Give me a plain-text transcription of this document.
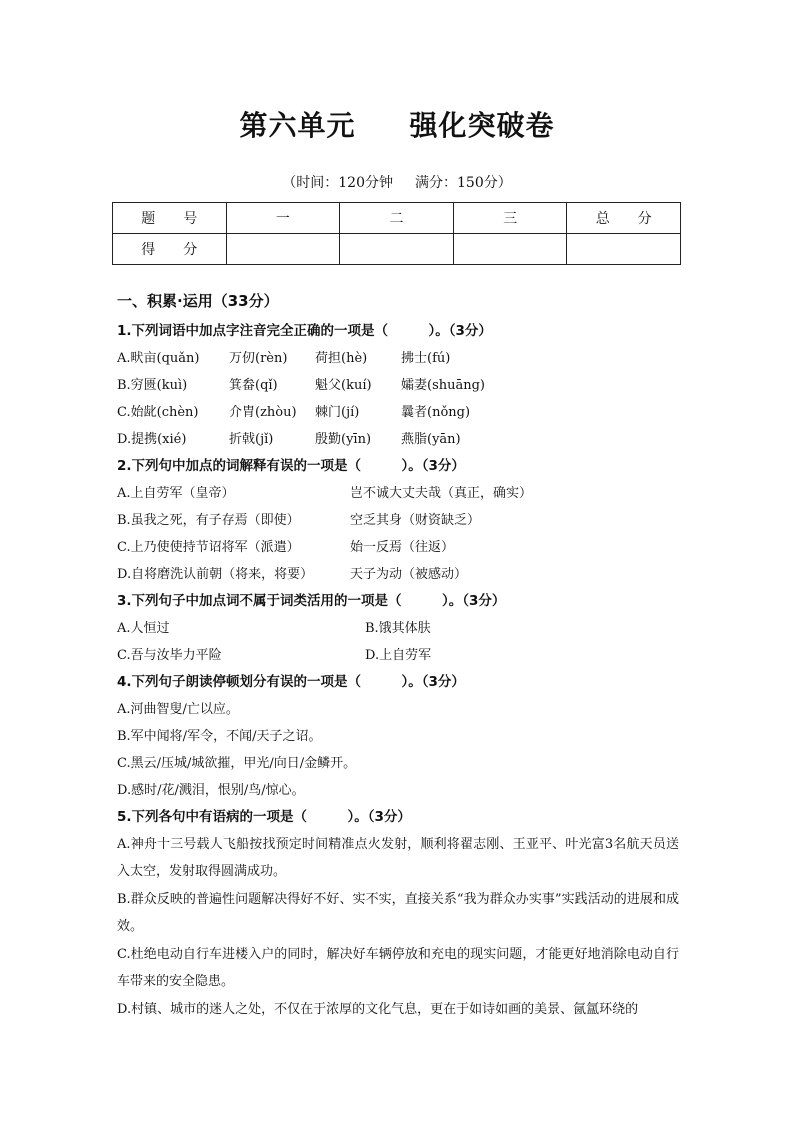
第六单元 强化突破卷
（时间：120分钟 满分：150分）
题　　号	一	二	三	总　　分
得　　分				
一、积累·运用（33分）
1.下列词语中加点字注音完全正确的一项是（　　　）。（3分）
A.畎亩(quǎn) 万仞(rèn) 荷担(hè)	拂士(fú)
B.穷匮(kuì)	箕畚(qǐ)	魁父(kuí) 孀妻(shuāng)
C.始龀(chèn) 介胄(zhòu) 棘门(jí)	曩者(nǒng)
D.提携(xié)	折戟(jǐ)	殷勤(yīn) 燕脂(yān)
2.下列句中加点的词解释有误的一项是（　　　）。（3分）
A.上自劳军（皇帝）	岂不诚大丈夫哉（真正，确实）
B.虽我之死，有子存焉（即使）	空乏其身（财资缺乏）
C.上乃使使持节诏将军（派遣）	始一反焉（往返）
D.自将磨洗认前朝（将来，将要）	天子为动（被感动）
3.下列句子中加点词不属于词类活用的一项是（　　　）。（3分）
A.人恒过	B.饿其体肤
C.吾与汝毕力平险	D.上自劳军
4.下列句子朗读停顿划分有误的一项是（　　　）。（3分）
A.河曲智叟/亡以应。
B.军中闻将/军令，不闻/天子之诏。
C.黑云/压城/城欲摧，甲光/向日/金鳞开。
D.感时/花/溅泪，恨别/鸟/惊心。
5.下列各句中有语病的一项是（　　　）。（3分）
A.神舟十三号载人飞船按找预定时间精准点火发射，顺利将翟志刚、王亚平、叶光富3名航天员送入太空，发射取得圆满成功。
B.群众反映的普遍性问题解决得好不好、实不实，直接关系“我为群众办实事”实践活动的进展和成效。
C.杜绝电动自行车进楼入户的同时，解决好车辆停放和充电的现实问题，才能更好地消除电动自行车带来的安全隐患。
D.村镇、城市的迷人之处，不仅在于浓厚的文化气息，更在于如诗如画的美景、氤氲环绕的
